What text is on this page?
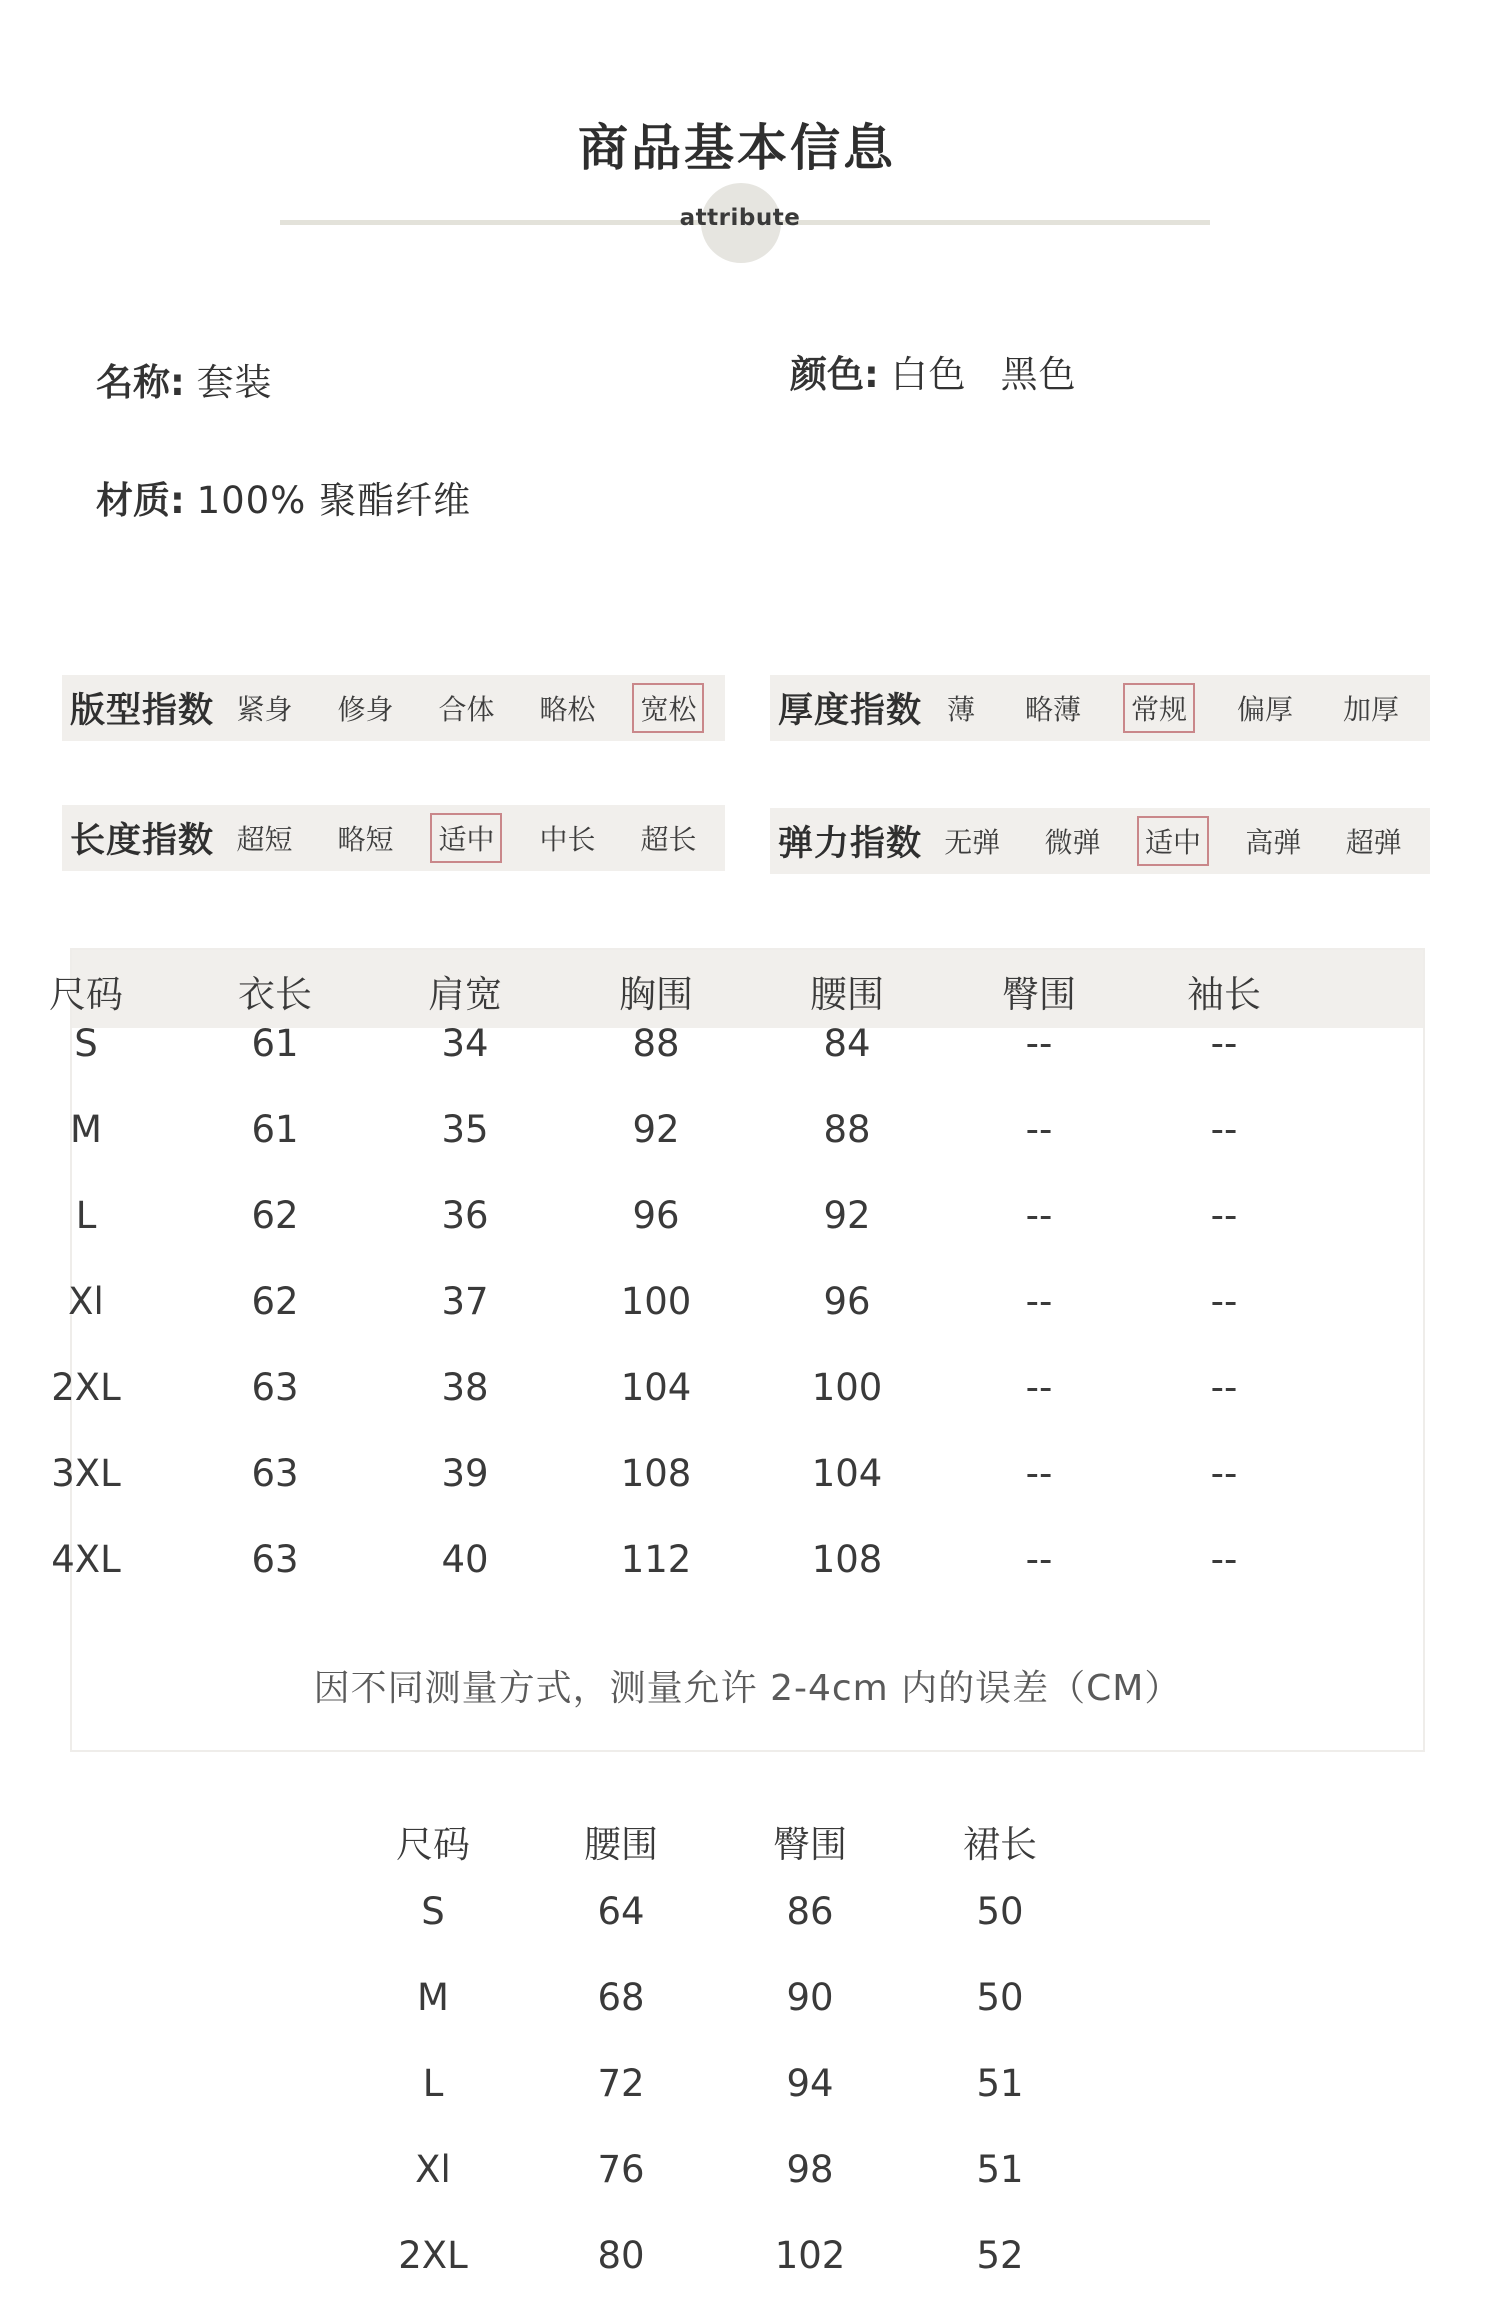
商品基本信息
attribute
名称: 套装	颜色: 白色 黑色
材质: 100% 聚酯纤维
版型指数 紧身 修身 合体 略松 宽松 厚度指数 薄 略薄 常规 偏厚 加厚
长度指数 超短 略短 适中 中长 超长 弹力指数 无弹 微弹 适中 高弹 超弹
尺码	衣长	肩宽	胸围	腰围	臀围	袖长
S	61	34	88	84	--	--
M	61	35	92	88	--	--
L	62	36	96	92	--	--
Xl	62	37	100	96	--	--
2XL	63	38	104	100	--	--
3XL	63	39	108	104	--	--
4XL	63	40	112	108	--	--
因不同测量方式，测量允许 2-4cm 内的误差（CM）
尺码	腰围	臀围	裙长
S	64	86	50
M	68	90	50
L	72	94	51
Xl	76	98	51
2XL	80	102	52
